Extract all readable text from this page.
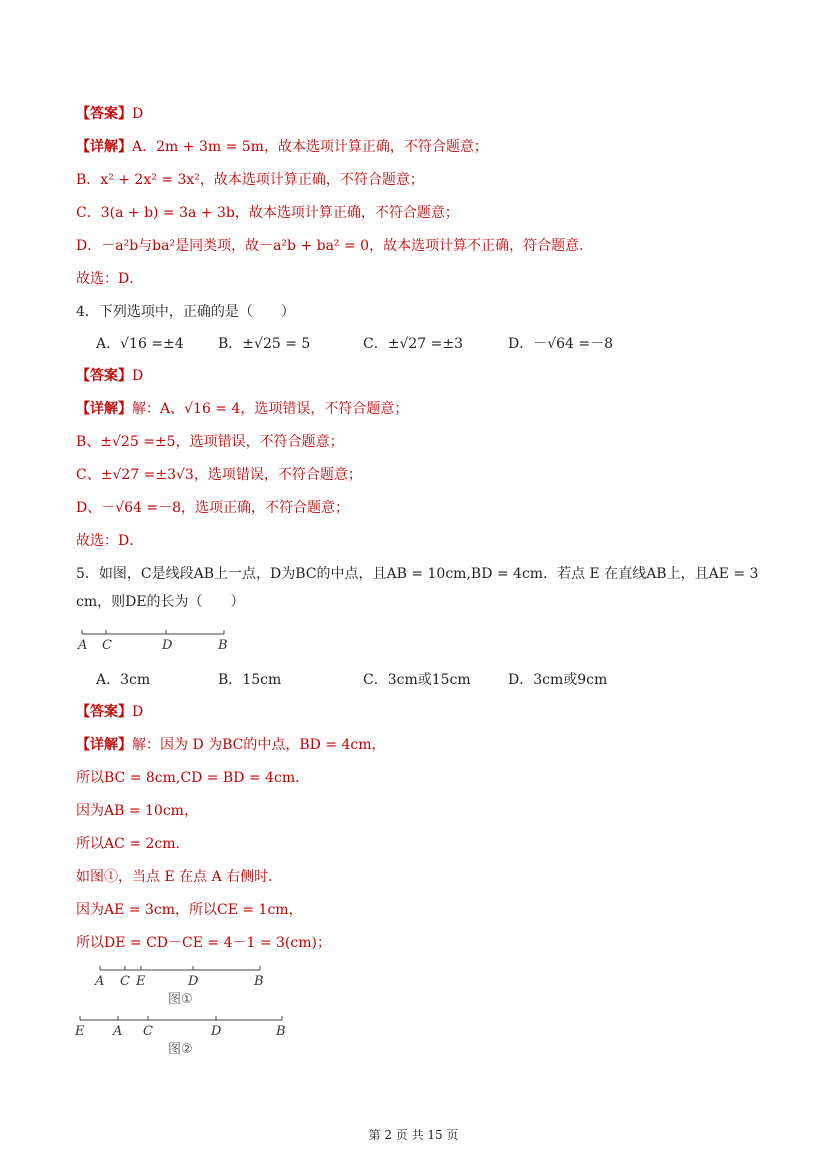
【答案】D
【详解】A．2m + 3m = 5m，故本选项计算正确，不符合题意；
B．x² + 2x² = 3x²，故本选项计算正确，不符合题意；
C．3(a + b) = 3a + 3b，故本选项计算正确，不符合题意；
D．－a²b与ba²是同类项，故－a²b + ba² = 0，故本选项计算不正确，符合题意．
故选：D．
4．下列选项中，正确的是（　　）
A．√16 =±4 B．±√25 = 5	C．±√27 =±3	D．－√64 =－8
【答案】D
【详解】解：A、√16 = 4，选项错误，不符合题意；
B、±√25 =±5，选项错误，不符合题意；
C、±√27 =±3√3，选项错误，不符合题意；
D、－√64 =－8，选项正确，不符合题意；
故选：D．
5．如图，C是线段AB上一点，D为BC的中点，且AB = 10cm,BD = 4cm．若点 E 在直线AB上，且AE = 3
cm，则DE的长为（　　）
A C	D	B
A．3cm	B．15cm	C．3cm或15cm	D．3cm或9cm
【答案】D
【详解】解：因为 D 为BC的中点，BD = 4cm，
所以BC = 8cm,CD = BD = 4cm．
因为AB = 10cm，
所以AC = 2cm．
如图①，当点 E 在点 A 右侧时．
因为AE = 3cm，所以CE = 1cm，
所以DE = CD－CE = 4－1 = 3(cm)；
A C E	D	B
图①
E A C	D	B
图②
第 2 页 共 15 页
